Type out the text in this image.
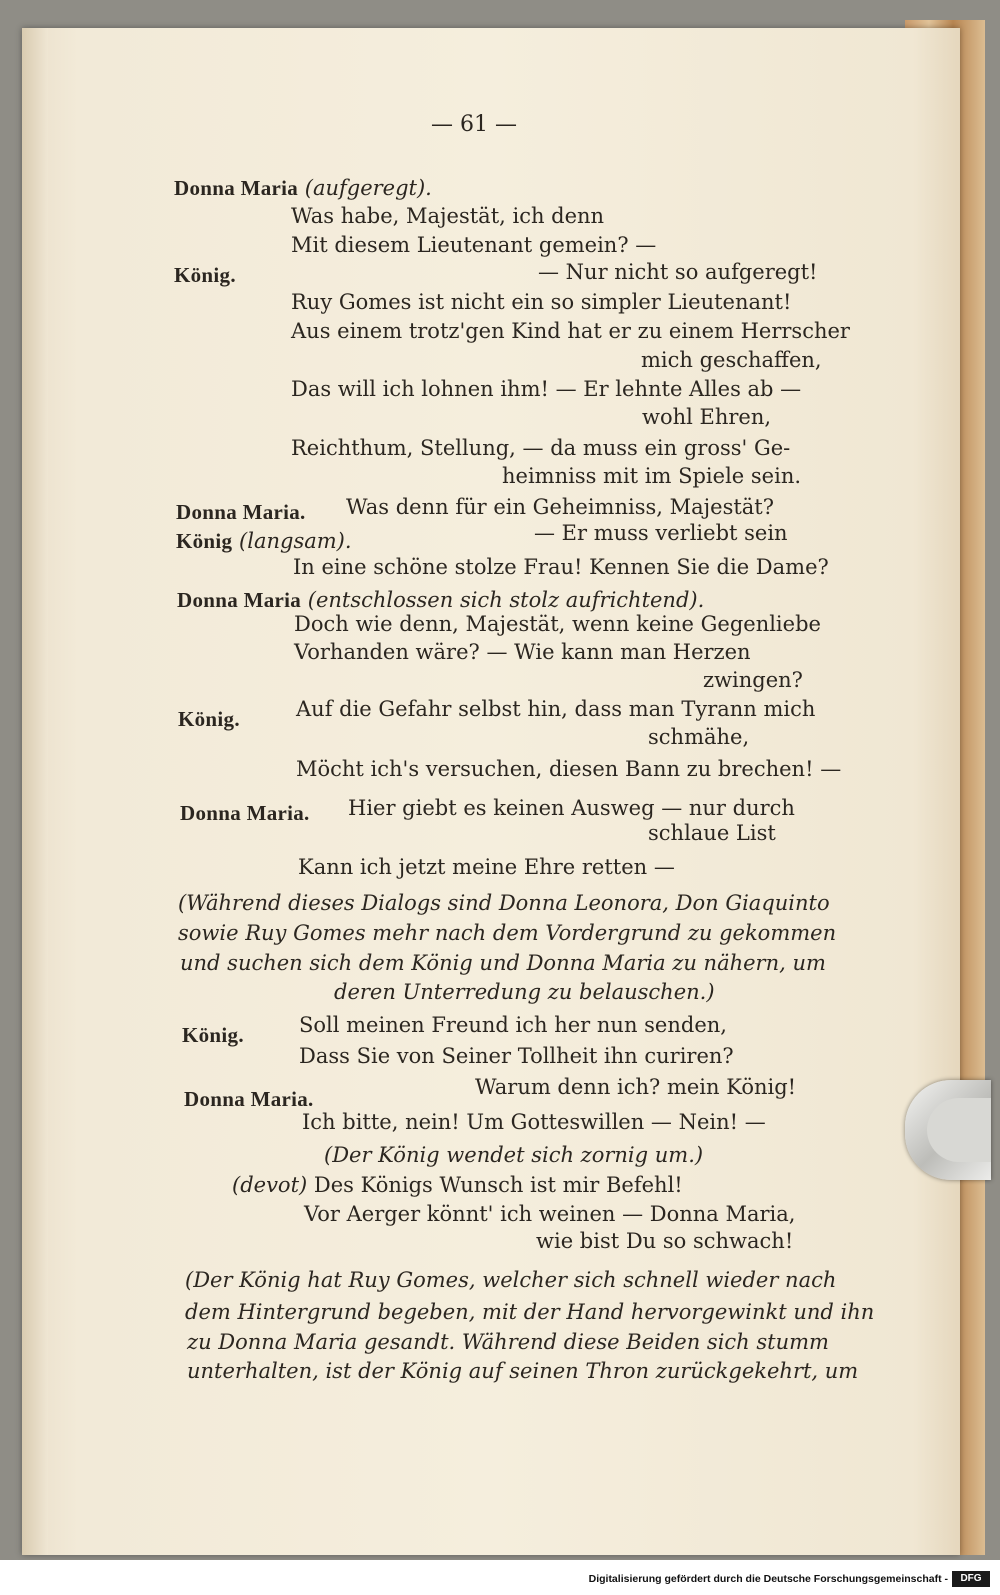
— 61 —
Donna Maria (aufgeregt).
Was habe, Majestät, ich denn
Mit diesem Lieutenant gemein? —
König.	— Nur nicht so aufgeregt!
Ruy Gomes ist nicht ein so simpler Lieutenant!
Aus einem trotz'gen Kind hat er zu einem Herrscher
mich geschaffen,
Das will ich lohnen ihm! — Er lehnte Alles ab —
wohl Ehren,
Reichthum, Stellung, — da muss ein gross' Ge-
heimniss mit im Spiele sein.
Donna Maria. Was denn für ein Geheimniss, Majestät?
König (langsam).	— Er muss verliebt sein
In eine schöne stolze Frau! Kennen Sie die Dame?
Donna Maria (entschlossen sich stolz aufrichtend).
Doch wie denn, Majestät, wenn keine Gegenliebe
Vorhanden wäre? — Wie kann man Herzen
zwingen?
König.	Auf die Gefahr selbst hin, dass man Tyrann mich
schmähe,
Möcht ich's versuchen, diesen Bann zu brechen! —
Donna Maria. Hier giebt es keinen Ausweg — nur durch
schlaue List
Kann ich jetzt meine Ehre retten —
(Während dieses Dialogs sind Donna Leonora, Don Giaquinto
sowie Ruy Gomes mehr nach dem Vordergrund zu gekommen
und suchen sich dem König und Donna Maria zu nähern, um
deren Unterredung zu belauschen.)
König.	Soll meinen Freund ich her nun senden,
Dass Sie von Seiner Tollheit ihn curiren?
Donna Maria.	Warum denn ich? mein König!
Ich bitte, nein! Um Gotteswillen — Nein! —
(Der König wendet sich zornig um.)
(devot) Des Königs Wunsch ist mir Befehl!
Vor Aerger könnt' ich weinen — Donna Maria,
wie bist Du so schwach!
(Der König hat Ruy Gomes, welcher sich schnell wieder nach
dem Hintergrund begeben, mit der Hand hervorgewinkt und ihn
zu Donna Maria gesandt. Während diese Beiden sich stumm
unterhalten, ist der König auf seinen Thron zurückgekehrt, um
Digitalisierung gefördert durch die Deutsche Forschungsgemeinschaft -	DFG
